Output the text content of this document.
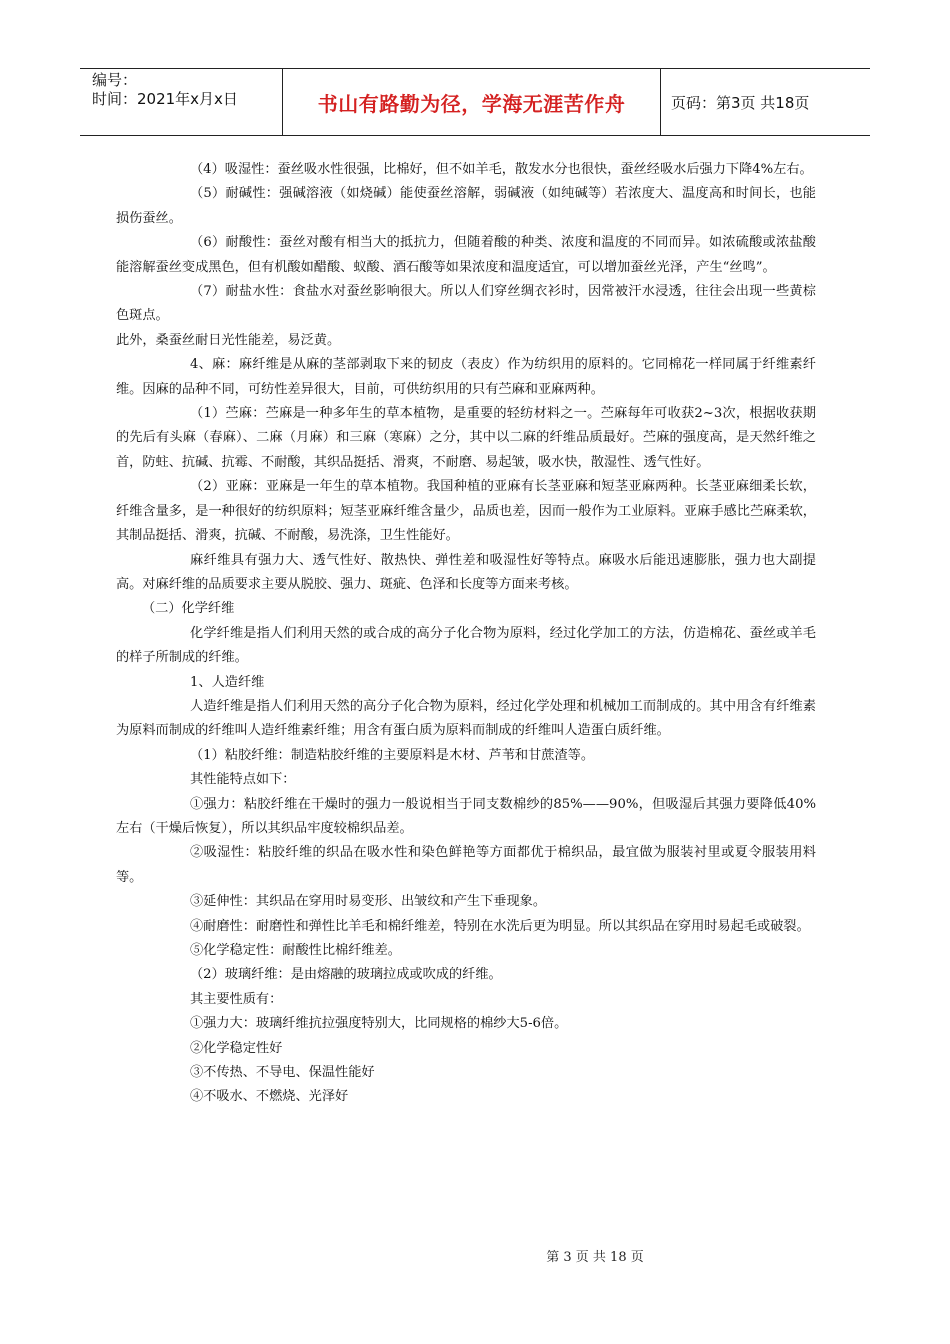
编号：
时间：2021年x月x日	书山有路勤为径，学海无涯苦作舟	页码：第3页 共18页

（4）吸湿性：蚕丝吸水性很强，比棉好，但不如羊毛，散发水分也很快，蚕丝经吸水后强力下降4%左右。

（5）耐碱性：强碱溶液（如烧碱）能使蚕丝溶解，弱碱液（如纯碱等）若浓度大、温度高和时间长，也能损伤蚕丝。

（6）耐酸性：蚕丝对酸有相当大的抵抗力，但随着酸的种类、浓度和温度的不同而异。如浓硫酸或浓盐酸能溶解蚕丝变成黑色，但有机酸如醋酸、蚁酸、酒石酸等如果浓度和温度适宜，可以增加蚕丝光泽，产生“丝鸣”。

（7）耐盐水性：食盐水对蚕丝影响很大。所以人们穿丝绸衣衫时，因常被汗水浸透，往往会出现一些黄棕色斑点。

此外，桑蚕丝耐日光性能差，易泛黄。

4、麻：麻纤维是从麻的茎部剥取下来的韧皮（表皮）作为纺织用的原料的。它同棉花一样同属于纤维素纤维。因麻的品种不同，可纺性差异很大，目前，可供纺织用的只有苎麻和亚麻两种。

（1）苎麻：苎麻是一种多年生的草本植物，是重要的轻纺材料之一。苎麻每年可收获2~3次，根据收获期的先后有头麻（春麻）、二麻（月麻）和三麻（寒麻）之分，其中以二麻的纤维品质最好。苎麻的强度高，是天然纤维之首，防蛀、抗碱、抗霉、不耐酸，其织品挺括、滑爽，不耐磨、易起皱，吸水快，散湿性、透气性好。

（2）亚麻：亚麻是一年生的草本植物。我国种植的亚麻有长茎亚麻和短茎亚麻两种。长茎亚麻细柔长软，纤维含量多，是一种很好的纺织原料；短茎亚麻纤维含量少，品质也差，因而一般作为工业原料。亚麻手感比苎麻柔软，其制品挺括、滑爽，抗碱、不耐酸，易洗涤，卫生性能好。

麻纤维具有强力大、透气性好、散热快、弹性差和吸湿性好等特点。麻吸水后能迅速膨胀，强力也大副提高。对麻纤维的品质要求主要从脱胶、强力、斑疵、色泽和长度等方面来考核。

（二）化学纤维

化学纤维是指人们利用天然的或合成的高分子化合物为原料，经过化学加工的方法，仿造棉花、蚕丝或羊毛的样子所制成的纤维。

1、人造纤维

人造纤维是指人们利用天然的高分子化合物为原料，经过化学处理和机械加工而制成的。其中用含有纤维素为原料而制成的纤维叫人造纤维素纤维；用含有蛋白质为原料而制成的纤维叫人造蛋白质纤维。

（1）粘胶纤维：制造粘胶纤维的主要原料是木材、芦苇和甘蔗渣等。

其性能特点如下：

①强力：粘胶纤维在干燥时的强力一般说相当于同支数棉纱的85%——90%，但吸湿后其强力要降低40%左右（干燥后恢复），所以其织品牢度较棉织品差。

②吸湿性：粘胶纤维的织品在吸水性和染色鲜艳等方面都优于棉织品，最宜做为服装衬里或夏令服装用料等。

③延伸性：其织品在穿用时易变形、出皱纹和产生下垂现象。

④耐磨性：耐磨性和弹性比羊毛和棉纤维差，特别在水洗后更为明显。所以其织品在穿用时易起毛或破裂。

⑤化学稳定性：耐酸性比棉纤维差。

（2）玻璃纤维：是由熔融的玻璃拉成或吹成的纤维。

其主要性质有：

①强力大：玻璃纤维抗拉强度特别大，比同规格的棉纱大5-6倍。

②化学稳定性好

③不传热、不导电、保温性能好

④不吸水、不燃烧、光泽好

第 3 页 共 18 页
